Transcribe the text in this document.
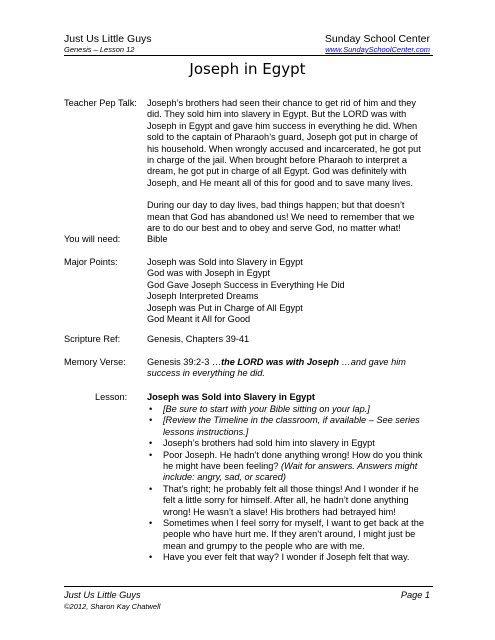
Just Us Little Guys
Genesis – Lesson 12
Sunday School Center
www.SundaySchoolCenter.com
Joseph in Egypt
Teacher Pep Talk: Joseph’s brothers had seen their chance to get rid of him and they did. They sold him into slavery in Egypt. But the LORD was with Joseph in Egypt and gave him success in everything he did. When sold to the captain of Pharaoh’s guard, Joseph got put in charge of his household. When wrongly accused and incarcerated, he got put in charge of the jail. When brought before Pharaoh to interpret a dream, he got put in charge of all Egypt. God was definitely with Joseph, and He meant all of this for good and to save many lives.

During our day to day lives, bad things happen; but that doesn’t mean that God has abandoned us! We need to remember that we are to do our best and to obey and serve God, no matter what!

You will need:	Bible
Major Points:	Joseph was Sold into Slavery in Egypt
God was with Joseph in Egypt
God Gave Joseph Success in Everything He Did
Joseph Interpreted Dreams
Joseph was Put in Charge of All Egypt
God Meant it All for Good
Scripture Ref:	Genesis, Chapters 39-41
Memory Verse: Genesis 39:2-3 …the LORD was with Joseph …and gave him success in everything he did.
Lesson: Joseph was Sold into Slavery in Egypt
• [Be sure to start with your Bible sitting on your lap.]
• [Review the Timeline in the classroom, if available – See series lessons instructions.]
• Joseph’s brothers had sold him into slavery in Egypt
• Poor Joseph. He hadn’t done anything wrong! How do you think he might have been feeling? (Wait for answers. Answers might include: angry, sad, or scared)
• That’s right; he probably felt all those things! And I wonder if he felt a little sorry for himself. After all, he hadn’t done anything wrong! He wasn’t a slave! His brothers had betrayed him!
• Sometimes when I feel sorry for myself, I want to get back at the people who have hurt me. If they aren’t around, I might just be mean and grumpy to the people who are with me.
• Have you ever felt that way? I wonder if Joseph felt that way.
Just Us Little Guys
©2012, Sharon Kay Chatwell
Page 1
